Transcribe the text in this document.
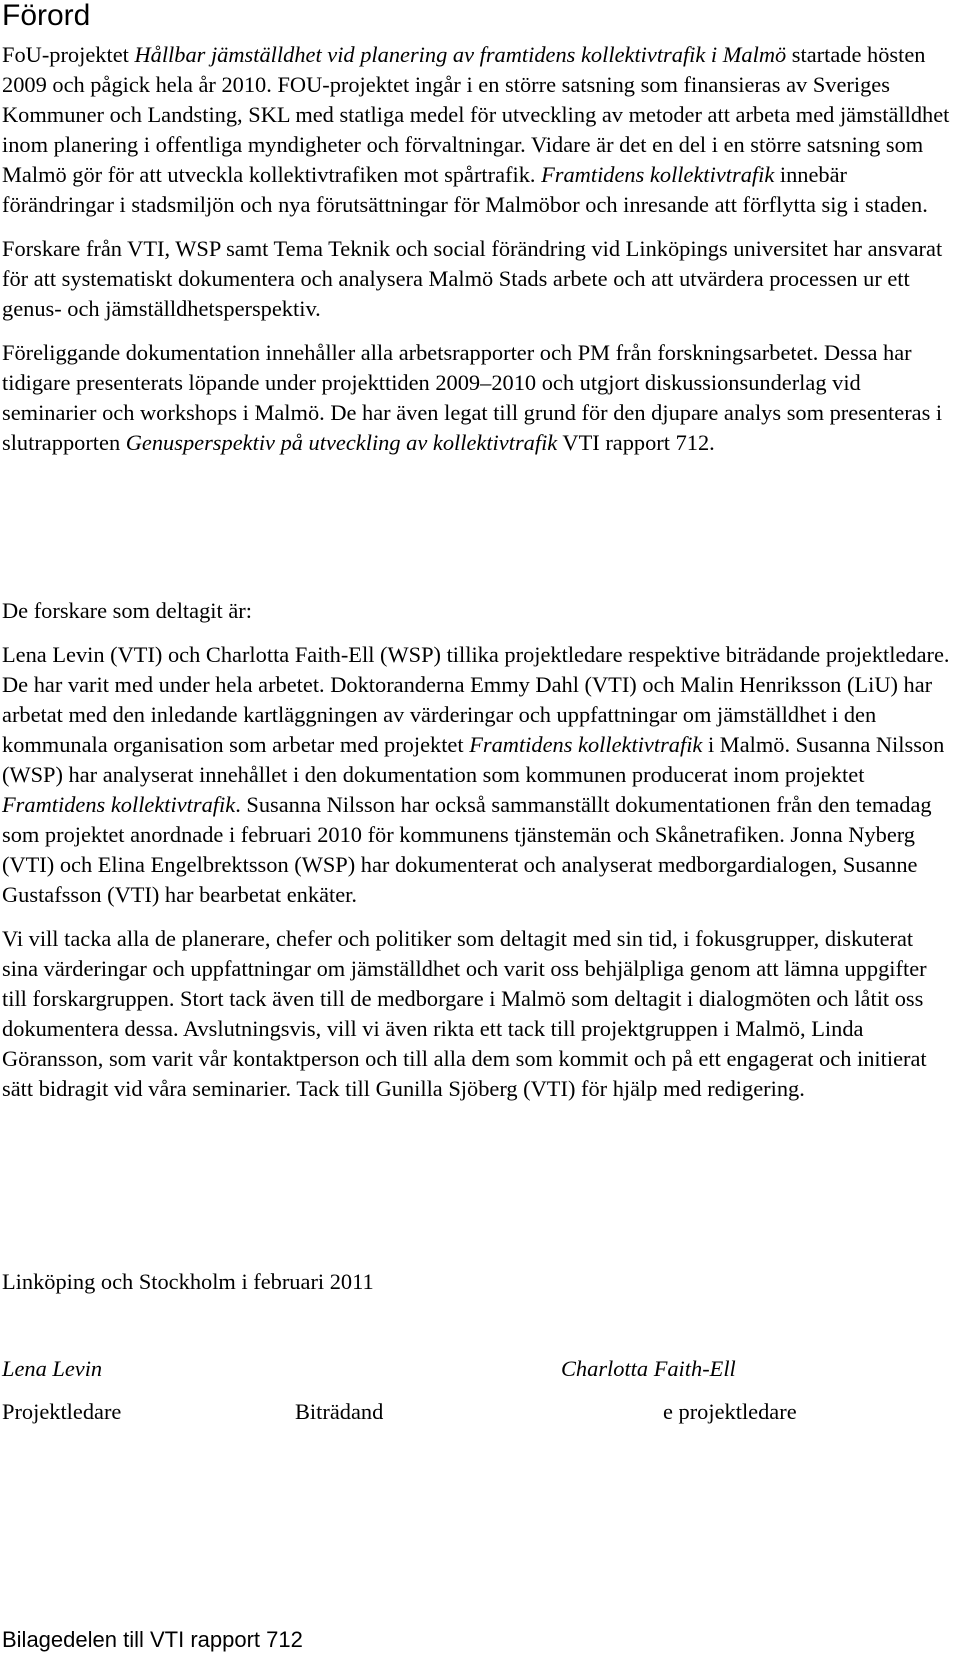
Förord

FoU-projektet Hållbar jämställdhet vid planering av framtidens kollektivtrafik i Malmö startade hösten 2009 och pågick hela år 2010. FOU-projektet ingår i en större satsning som finansieras av Sveriges Kommuner och Landsting, SKL med statliga medel för utveckling av metoder att arbeta med jämställdhet inom planering i offentliga myndigheter och förvaltningar. Vidare är det en del i en större satsning som Malmö gör för att utveckla kollektivtrafiken mot spårtrafik. Framtidens kollektivtrafik innebär förändringar i stadsmiljön och nya förutsättningar för Malmöbor och inresande att förflytta sig i staden.

Forskare från VTI, WSP samt Tema Teknik och social förändring vid Linköpings universitet har ansvarat för att systematiskt dokumentera och analysera Malmö Stads arbete och att utvärdera processen ur ett genus- och jämställdhetsperspektiv.

Föreliggande dokumentation innehåller alla arbetsrapporter och PM från forskningsarbetet. Dessa har tidigare presenterats löpande under projekttiden 2009–2010 och utgjort diskussionsunderlag vid seminarier och workshops i Malmö. De har även legat till grund för den djupare analys som presenteras i slutrapporten Genusperspektiv på utveckling av kollektivtrafik VTI rapport 712.

De forskare som deltagit är:

Lena Levin (VTI) och Charlotta Faith-Ell (WSP) tillika projektledare respektive biträdande projektledare. De har varit med under hela arbetet. Doktoranderna Emmy Dahl (VTI) och Malin Henriksson (LiU) har arbetat med den inledande kartläggningen av värderingar och uppfattningar om jämställdhet i den kommunala organisation som arbetar med projektet Framtidens kollektivtrafik i Malmö. Susanna Nilsson (WSP) har analyserat innehållet i den dokumentation som kommunen producerat inom projektet Framtidens kollektivtrafik. Susanna Nilsson har också sammanställt dokumentationen från den temadag som projektet anordnade i februari 2010 för kommunens tjänstemän och Skånetrafiken. Jonna Nyberg (VTI) och Elina Engelbrektsson (WSP) har dokumenterat och analyserat medborgardialogen, Susanne Gustafsson (VTI) har bearbetat enkäter.

Vi vill tacka alla de planerare, chefer och politiker som deltagit med sin tid, i fokusgrupper, diskuterat sina värderingar och uppfattningar om jämställdhet och varit oss behjälpliga genom att lämna uppgifter till forskargruppen. Stort tack även till de medborgare i Malmö som deltagit i dialogmöten och låtit oss dokumentera dessa. Avslutningsvis, vill vi även rikta ett tack till projektgruppen i Malmö, Linda Göransson, som varit vår kontaktperson och till alla dem som kommit och på ett engagerat och initierat sätt bidragit vid våra seminarier. Tack till Gunilla Sjöberg (VTI) för hjälp med redigering.

Linköping och Stockholm i februari 2011
Lena Levin	Charlotta Faith-Ell
Projektledare	Biträdand	e projektledare
Bilagedelen till VTI rapport 712
